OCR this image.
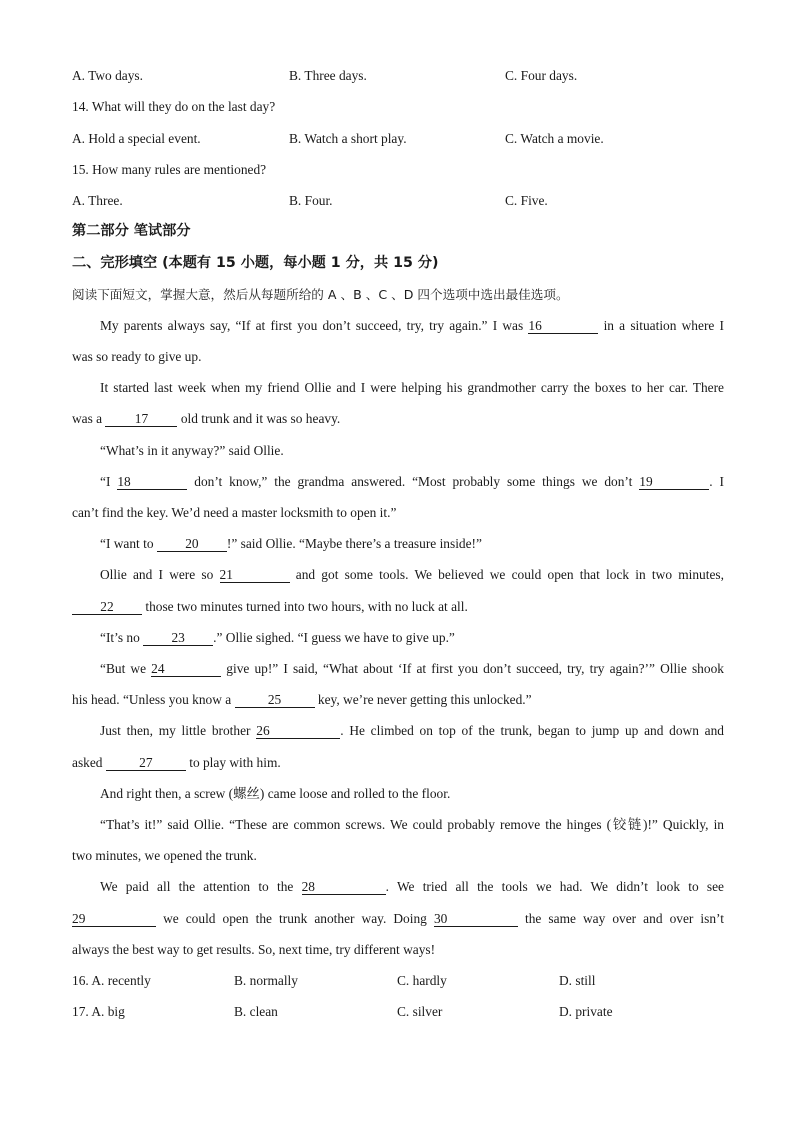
A. Two days.	B. Three days.	C. Four days.
14. What will they do on the last day?
A. Hold a special event.	B. Watch a short play.	C. Watch a movie.
15. How many rules are mentioned?
A. Three.	B. Four.	C. Five.
第二部分 笔试部分
二、完形填空 (本题有 15 小题，每小题 1 分，共 15 分)
阅读下面短文，掌握大意，然后从每题所给的 A 、B 、C 、D 四个选项中选出最佳选项。
My parents always say, “If at first you don’t succeed, try, try again.” I was 16	in a situation where I
was so ready to give up.
It started last week when my friend Ollie and I were helping his grandmother carry the boxes to her car. There
was a 17 old trunk and it was so heavy.
“What’s in it anyway?” said Ollie.
“I 18	don’t know,” the grandma answered. “Most probably some things we don’t 19	. I
can’t find the key. We’d need a master locksmith to open it.”
“I want to 20 !” said Ollie. “Maybe there’s a treasure inside!”
Ollie and I were so 21	and got some tools. We believed we could open that lock in two minutes,
22 those two minutes turned into two hours, with no luck at all.
“It’s no 23 .” Ollie sighed. “I guess we have to give up.”
“But we 24	give up!” I said, “What about ‘If at first you don’t succeed, try, try again?’” Ollie shook
his head. “Unless you know a	25	key, we’re never getting this unlocked.”
Just then, my little brother 26	. He climbed on top of the trunk, began to jump up and down and
asked	27	to play with him.
And right then, a screw (螺丝) came loose and rolled to the floor.
“That’s it!” said Ollie. “These are common screws. We could probably remove the hinges (铰链)!” Quickly, in
two minutes, we opened the trunk.
We paid all the attention to the 28	. We tried all the tools we had. We didn’t look to see
29	we could open the trunk another way. Doing 30	the same way over and over isn’t
always the best way to get results. So, next time, try different ways!
16. A. recently	B. normally	C. hardly	D. still
17. A. big	B. clean	C. silver	D. private
